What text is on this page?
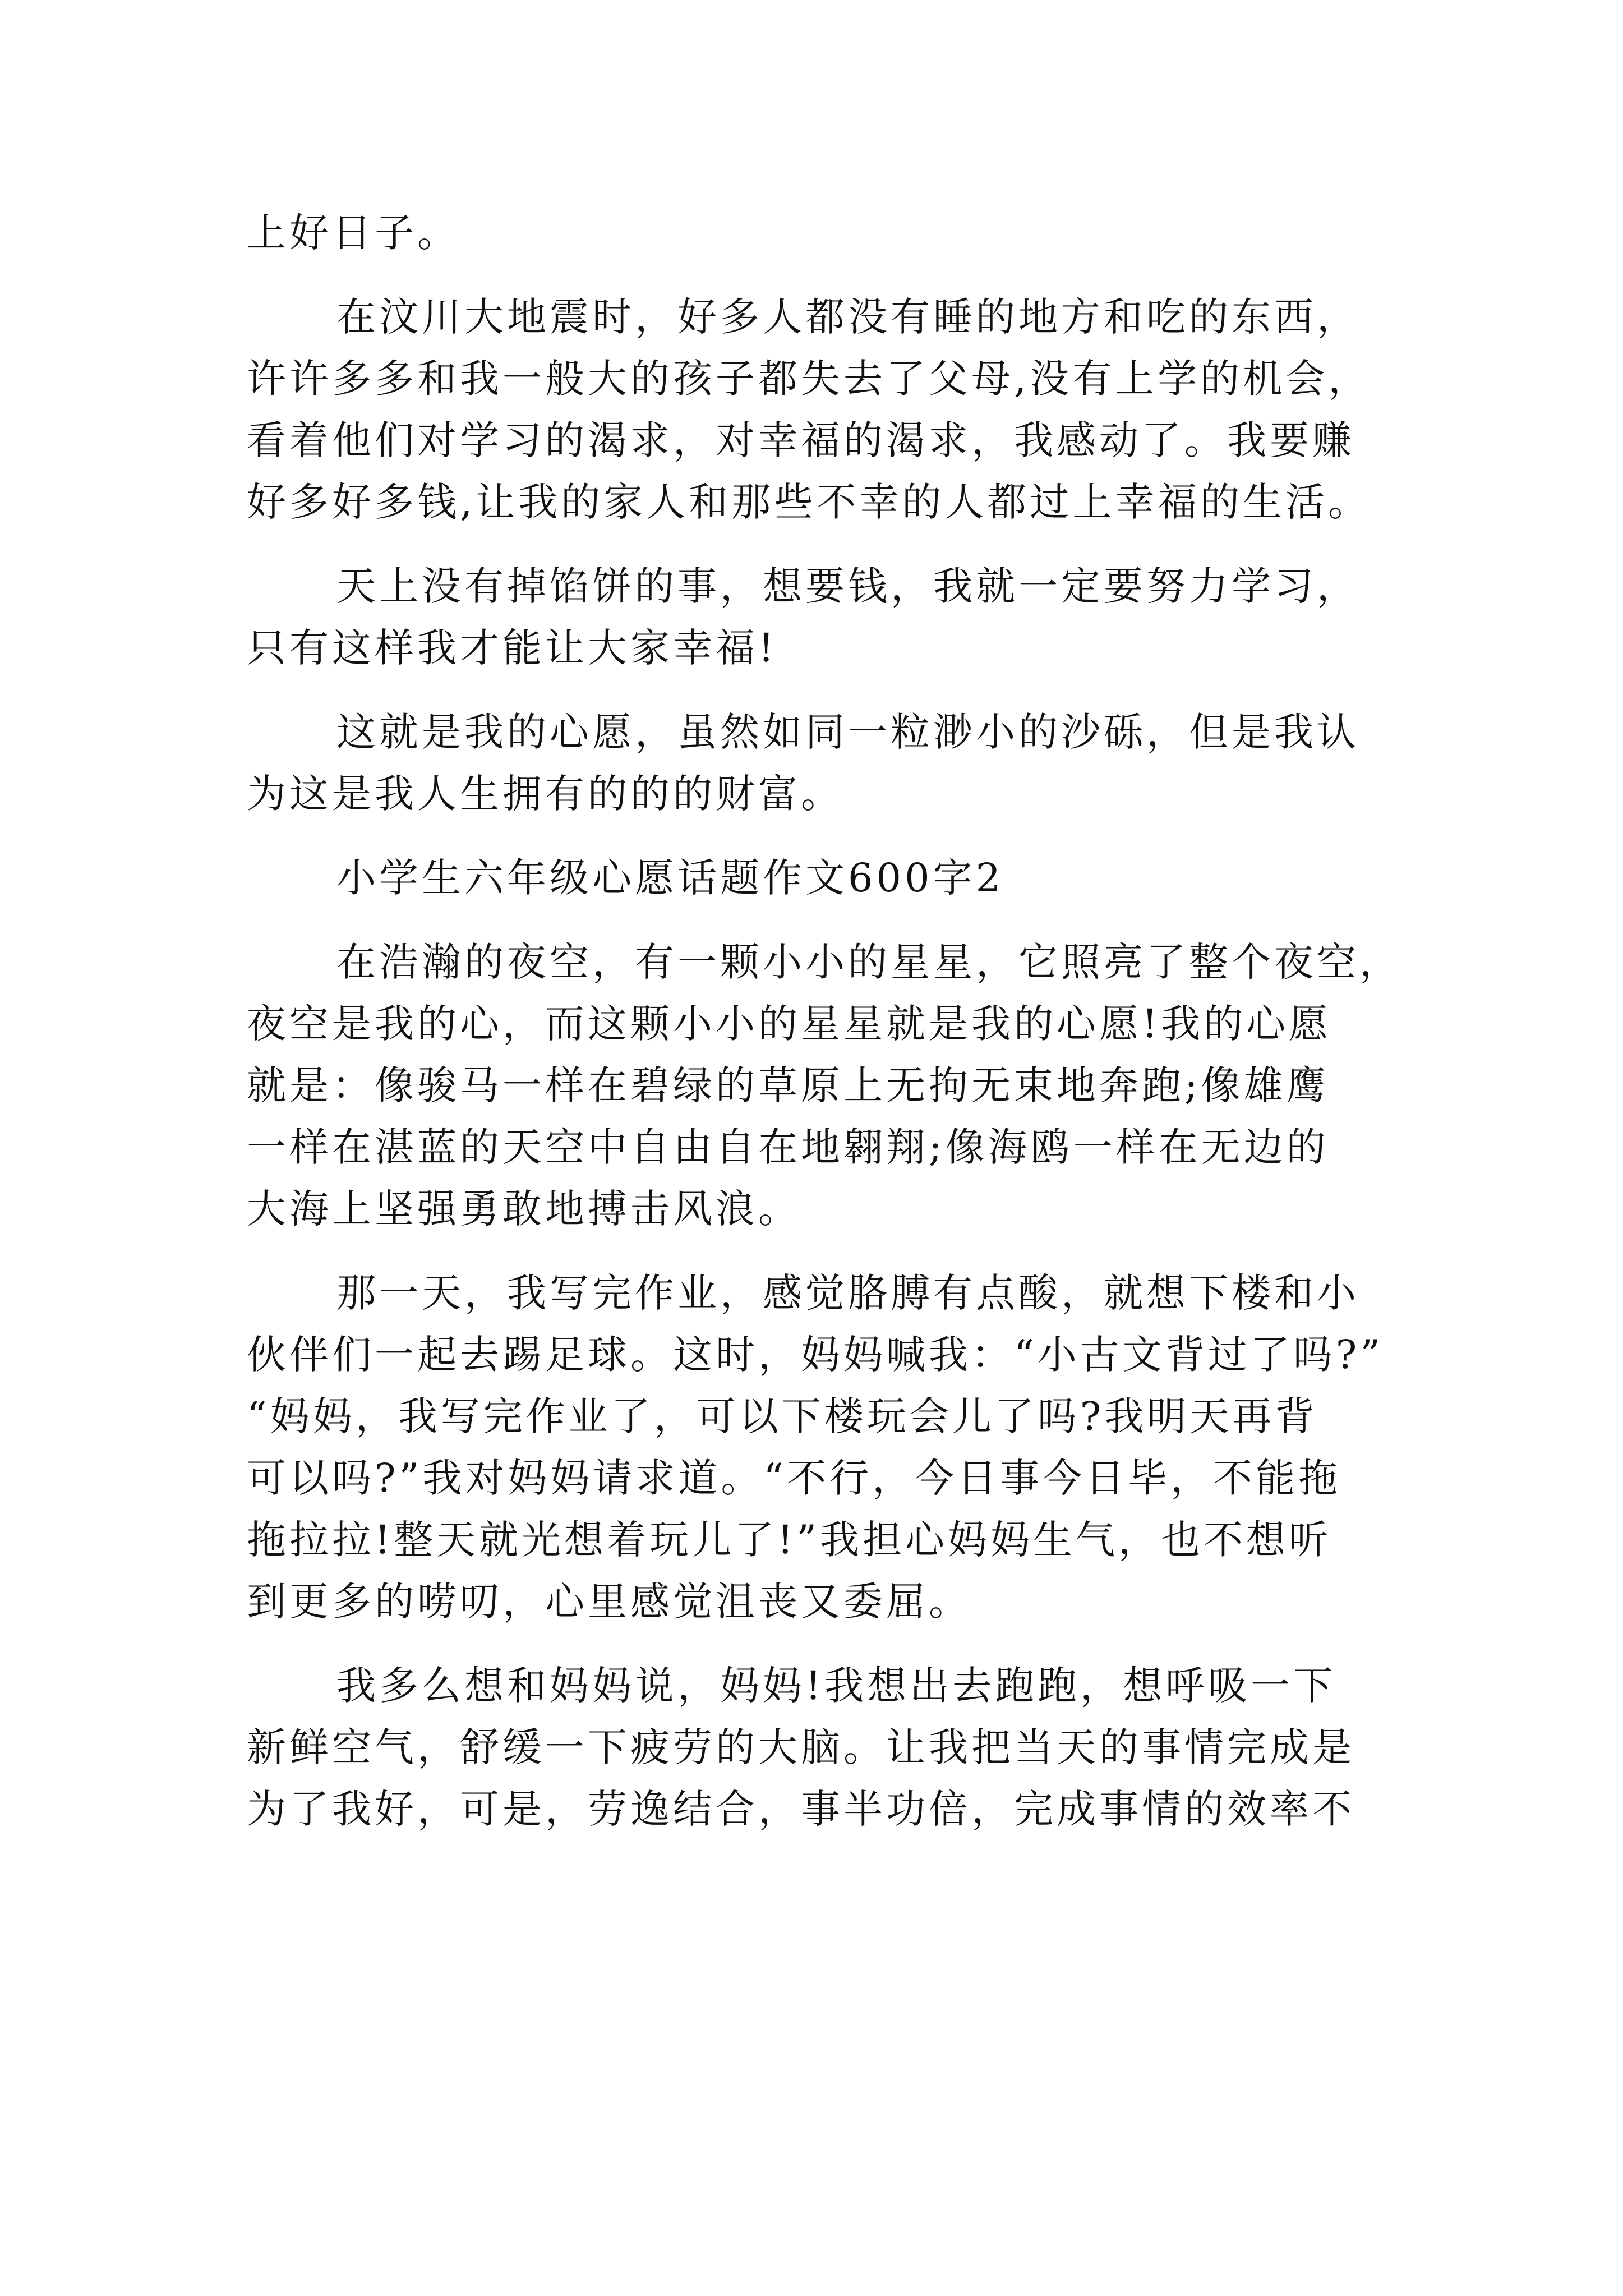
上好日子。

在汶川大地震时，好多人都没有睡的地方和吃的东西，

许许多多和我一般大的孩子都失去了父母,没有上学的机会，

看着他们对学习的渴求，对幸福的渴求，我感动了。我要赚

好多好多钱,让我的家人和那些不幸的人都过上幸福的生活。

天上没有掉馅饼的事，想要钱，我就一定要努力学习，

只有这样我才能让大家幸福!

这就是我的心愿，虽然如同一粒渺小的沙砾，但是我认

为这是我人生拥有的的的财富。

小学生六年级心愿话题作文600字2

在浩瀚的夜空，有一颗小小的星星，它照亮了整个夜空，

夜空是我的心，而这颗小小的星星就是我的心愿!我的心愿

就是：像骏马一样在碧绿的草原上无拘无束地奔跑;像雄鹰

一样在湛蓝的天空中自由自在地翱翔;像海鸥一样在无边的

大海上坚强勇敢地搏击风浪。

那一天，我写完作业，感觉胳膊有点酸，就想下楼和小

伙伴们一起去踢足球。这时，妈妈喊我：“小古文背过了吗?”

“妈妈，我写完作业了，可以下楼玩会儿了吗?我明天再背

可以吗?”我对妈妈请求道。“不行，今日事今日毕，不能拖

拖拉拉!整天就光想着玩儿了!”我担心妈妈生气，也不想听

到更多的唠叨，心里感觉沮丧又委屈。

我多么想和妈妈说，妈妈!我想出去跑跑，想呼吸一下

新鲜空气，舒缓一下疲劳的大脑。让我把当天的事情完成是

为了我好，可是，劳逸结合，事半功倍，完成事情的效率不
